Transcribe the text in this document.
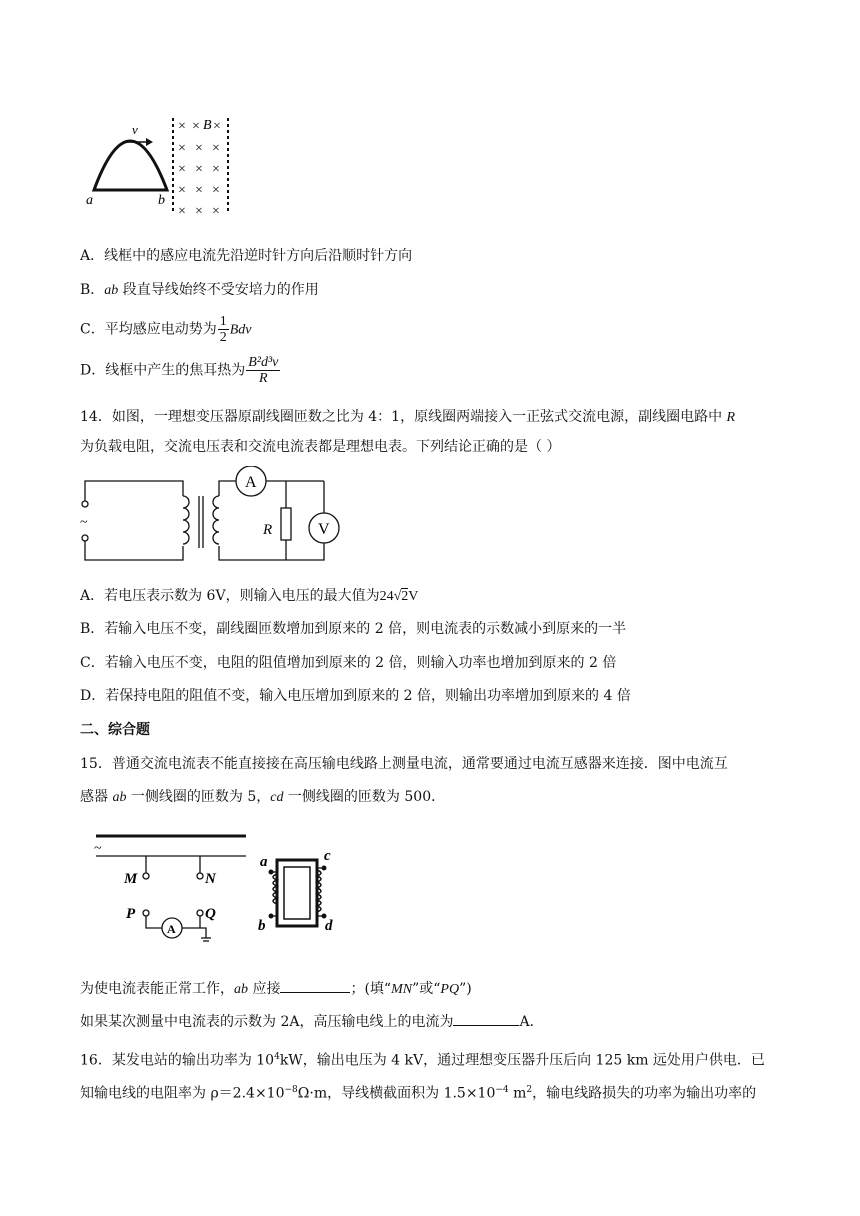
v
a	b
× × ×
× × ×
× × ×
× × ×
× × ×
B
A．线框中的感应电流先沿逆时针方向后沿顺时针方向
B．ab 段直导线始终不受安培力的作用
C．平均感应电动势为 $\frac{1}{2}$ Bdv
D．线框中产生的焦耳热为 $\frac{\text{B²d³v}}{R}$
14．如图，一理想变压器原副线圈匝数之比为 4：1，原线圈两端接入一正弦式交流电源，副线圈电路中 R
为负载电阻，交流电压表和交流电流表都是理想电表。下列结论正确的是（ ）
~
A
R	V
A．若电压表示数为 6V，则输入电压的最大值为24√2V
B．若输入电压不变，副线圈匝数增加到原来的 2 倍，则电流表的示数减小到原来的一半
C．若输入电压不变，电阻的阻值增加到原来的 2 倍，则输入功率也增加到原来的 2 倍
D．若保持电阻的阻值不变，输入电压增加到原来的 2 倍，则输出功率增加到原来的 4 倍
二、综合题
15．普通交流电流表不能直接接在高压输电线路上测量电流，通常要通过电流互感器来连接．图中电流互
感器 ab 一侧线圈的匝数为 5，cd 一侧线圈的匝数为 500．
~
M	N
P	Q
A
a
b
c
d
为使电流表能正常工作，ab 应接	；(填“MN”或“PQ”)
如果某次测量中电流表的示数为 2A，高压输电线上的电流为	A．
16．某发电站的输出功率为 $10^4kW$，输出电压为 4 kV，通过理想变压器升压后向 125 km 远处用户供电．已
知输电线的电阻率为 $\rho=2.4\times 10^{-8}\Omega\cdot m$，导线横截面积为 $1.5\times 10^{-4}$ $m^2$，输电线路损失的功率为输出功率的
